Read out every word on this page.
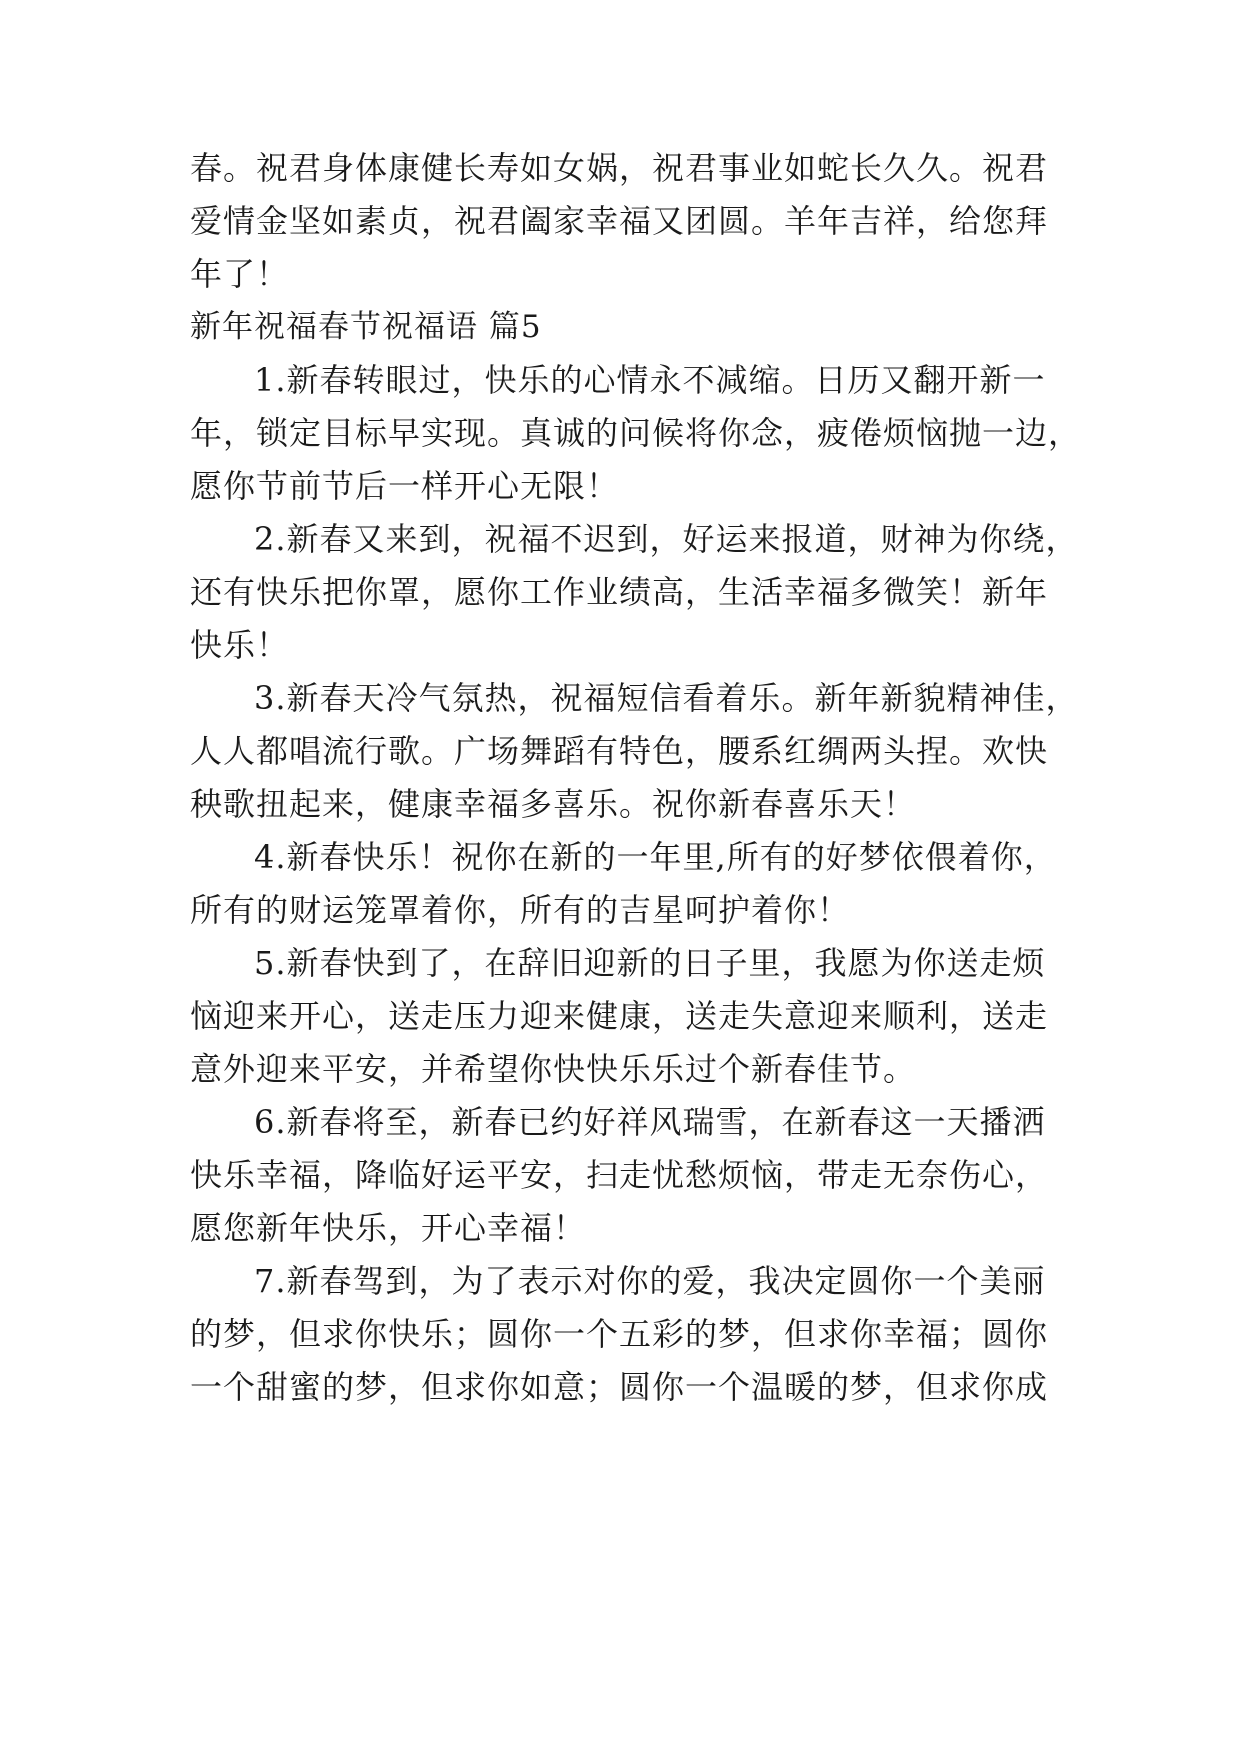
春。祝君身体康健长寿如女娲，祝君事业如蛇长久久。祝君
爱情金坚如素贞，祝君阖家幸福又团圆。羊年吉祥，给您拜
年了！
新年祝福春节祝福语 篇5
1.新春转眼过，快乐的心情永不减缩。日历又翻开新一
年，锁定目标早实现。真诚的问候将你念，疲倦烦恼抛一边，
愿你节前节后一样开心无限！
2.新春又来到，祝福不迟到，好运来报道，财神为你绕，
还有快乐把你罩，愿你工作业绩高，生活幸福多微笑！新年
快乐！
3.新春天冷气氛热，祝福短信看着乐。新年新貌精神佳，
人人都唱流行歌。广场舞蹈有特色，腰系红绸两头捏。欢快
秧歌扭起来，健康幸福多喜乐。祝你新春喜乐天！
4.新春快乐！祝你在新的一年里,所有的好梦依偎着你，
所有的财运笼罩着你，所有的吉星呵护着你！
5.新春快到了，在辞旧迎新的日子里，我愿为你送走烦
恼迎来开心，送走压力迎来健康，送走失意迎来顺利，送走
意外迎来平安，并希望你快快乐乐过个新春佳节。
6.新春将至，新春已约好祥风瑞雪，在新春这一天播洒
快乐幸福，降临好运平安，扫走忧愁烦恼，带走无奈伤心，
愿您新年快乐，开心幸福！
7.新春驾到，为了表示对你的爱，我决定圆你一个美丽
的梦，但求你快乐；圆你一个五彩的梦，但求你幸福；圆你
一个甜蜜的梦，但求你如意；圆你一个温暖的梦，但求你成
